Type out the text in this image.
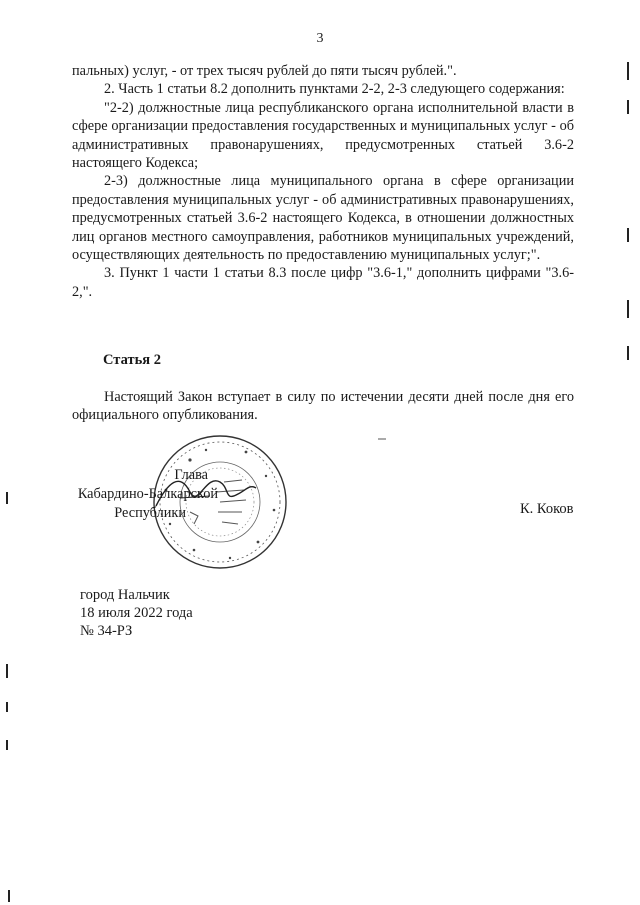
3

пальных) услуг, - от трех тысяч рублей до пяти тысяч рублей.".

2. Часть 1 статьи 8.2 дополнить пунктами 2-2, 2-3 следующего содержания:

"2-2) должностные лица республиканского органа исполнительной власти в сфере организации предоставления государственных и муниципальных услуг - об административных правонарушениях, предусмотренных статьей 3.6-2 настоящего Кодекса;

2-3) должностные лица муниципального органа в сфере организации предоставления муниципальных услуг - об административных правонарушениях, предусмотренных статьей 3.6-2 настоящего Кодекса, в отношении должностных лиц органов местного самоуправления, работников муниципальных учреждений, осуществляющих деятельность по предоставлению муниципальных услуг;".

3. Пункт 1 части 1 статьи 8.3 после цифр "3.6-1," дополнить цифрами "3.6-2,".

Статья 2

Настоящий Закон вступает в силу по истечении десяти дней после дня его официального опубликования.

Глава
Кабардино-Балкарской
Республики	К. Коков
город Нальчик
18 июля 2022 года
№ 34-РЗ
